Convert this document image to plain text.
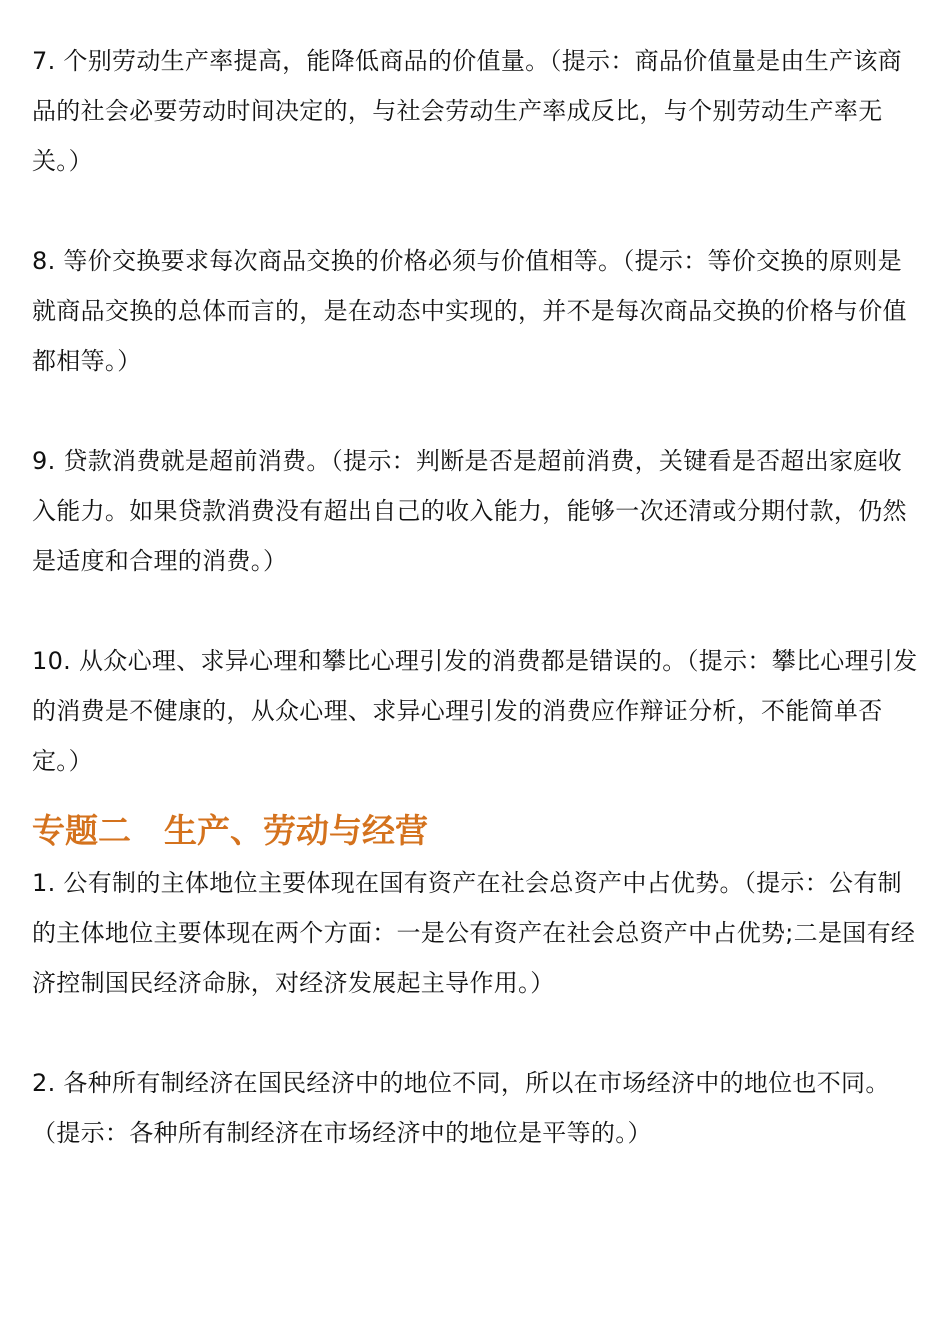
7. 个别劳动生产率提高，能降低商品的价值量。（提示：商品价值量是由生产该商品的社会必要劳动时间决定的，与社会劳动生产率成反比，与个别劳动生产率无关。）

8. 等价交换要求每次商品交换的价格必须与价值相等。（提示：等价交换的原则是就商品交换的总体而言的，是在动态中实现的，并不是每次商品交换的价格与价值都相等。）

9. 贷款消费就是超前消费。（提示：判断是否是超前消费，关键看是否超出家庭收入能力。如果贷款消费没有超出自己的收入能力，能够一次还清或分期付款，仍然是适度和合理的消费。）

10. 从众心理、求异心理和攀比心理引发的消费都是错误的。（提示：攀比心理引发的消费是不健康的，从众心理、求异心理引发的消费应作辩证分析，不能简单否定。）

专题二　生产、劳动与经营

1. 公有制的主体地位主要体现在国有资产在社会总资产中占优势。（提示：公有制的主体地位主要体现在两个方面：一是公有资产在社会总资产中占优势;二是国有经济控制国民经济命脉，对经济发展起主导作用。）

2. 各种所有制经济在国民经济中的地位不同，所以在市场经济中的地位也不同。（提示：各种所有制经济在市场经济中的地位是平等的。）
